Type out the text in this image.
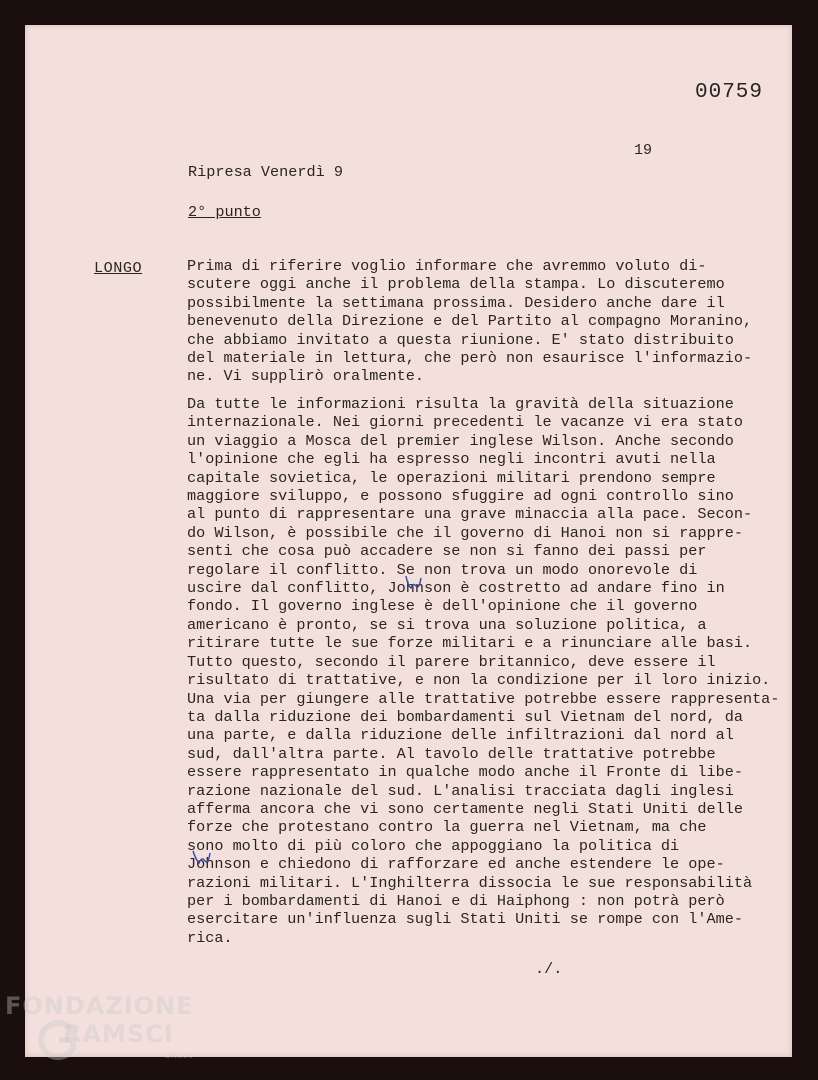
00759
19
Ripresa Venerdì 9
2° punto
LONGO	Prima di riferire voglio informare che avremmo voluto di-
scutere oggi anche il problema della stampa. Lo discuteremo
possibilmente la settimana prossima. Desidero anche dare il
benevenuto della Direzione e del Partito al compagno Moranino,
che abbiamo invitato a questa riunione. E' stato distribuito
del materiale in lettura, che però non esaurisce l'informazio-
ne. Vi supplirò oralmente.
Da tutte le informazioni risulta la gravità della situazione
internazionale. Nei giorni precedenti le vacanze vi era stato
un viaggio a Mosca del premier inglese Wilson. Anche secondo
l'opinione che egli ha espresso negli incontri avuti nella
capitale sovietica, le operazioni militari prendono sempre
maggiore sviluppo, e possono sfuggire ad ogni controllo sino
al punto di rappresentare una grave minaccia alla pace. Secon-
do Wilson, è possibile che il governo di Hanoi non si rappre-
senti che cosa può accadere se non si fanno dei passi per
regolare il conflitto. Se non trova un modo onorevole di
uscire dal conflitto, Johnson è costretto ad andare fino in
fondo. Il governo inglese è dell'opinione che il governo
americano è pronto, se si trova una soluzione politica, a
ritirare tutte le sue forze militari e a rinunciare alle basi.
Tutto questo, secondo il parere britannico, deve essere il
risultato di trattative, e non la condizione per il loro inizio.
Una via per giungere alle trattative potrebbe essere rappresenta-
ta dalla riduzione dei bombardamenti sul Vietnam del nord, da
una parte, e dalla riduzione delle infiltrazioni dal nord al
sud, dall'altra parte. Al tavolo delle trattative potrebbe
essere rappresentato in qualche modo anche il Fronte di libe-
razione nazionale del sud. L'analisi tracciata dagli inglesi
afferma ancora che vi sono certamente negli Stati Uniti delle
forze che protestano contro la guerra nel Vietnam, ma che
sono molto di più coloro che appoggiano la politica di
Johnson e chiedono di rafforzare ed anche estendere le ope-
razioni militari. L'Inghilterra dissocia le sue responsabilità
per i bombardamenti di Hanoi e di Haiphong : non potrà però
esercitare un'influenza sugli Stati Uniti se rompe con l'Ame-
rica.
./.
FONDAZIONE
RAMSCI
ONLUS
